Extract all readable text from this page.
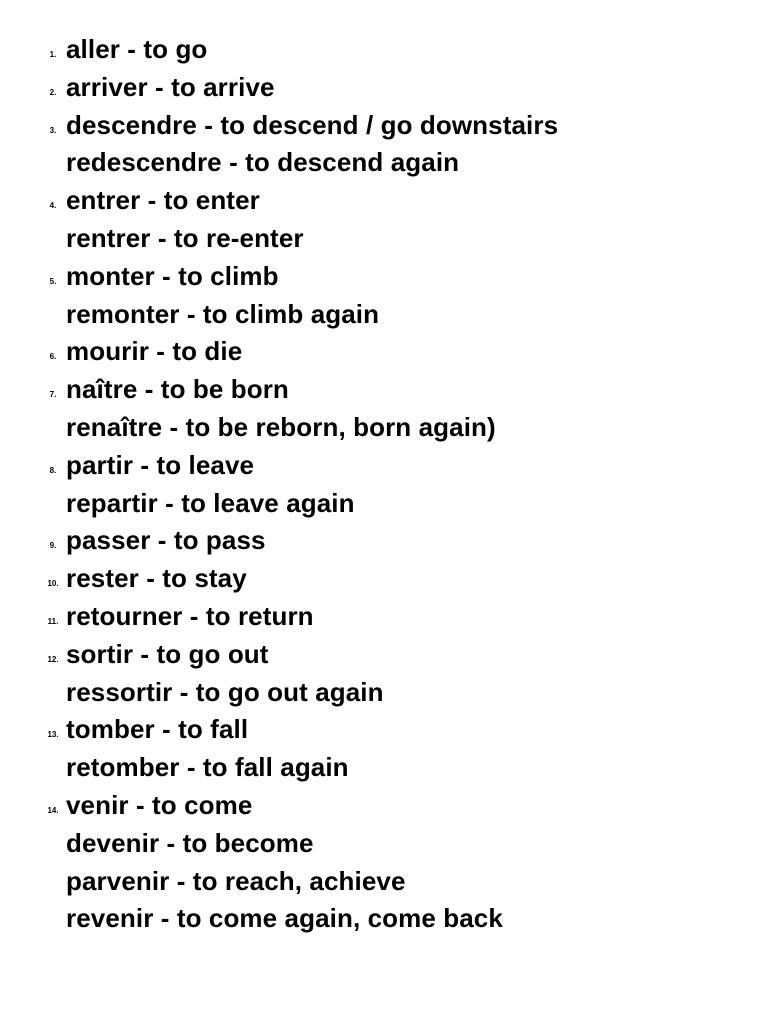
1. aller - to go
2. arriver - to arrive
3. descendre - to descend / go downstairs
redescendre - to descend again
4. entrer - to enter
rentrer - to re-enter
5. monter - to climb
remonter - to climb again
6. mourir - to die
7. naître - to be born
renaître - to be reborn, born again)
8. partir - to leave
repartir - to leave again
9. passer - to pass
10. rester - to stay
11. retourner - to return
12. sortir - to go out
ressortir - to go out again
13. tomber - to fall
retomber - to fall again
14. venir - to come
devenir - to become
parvenir - to reach, achieve
revenir - to come again, come back
